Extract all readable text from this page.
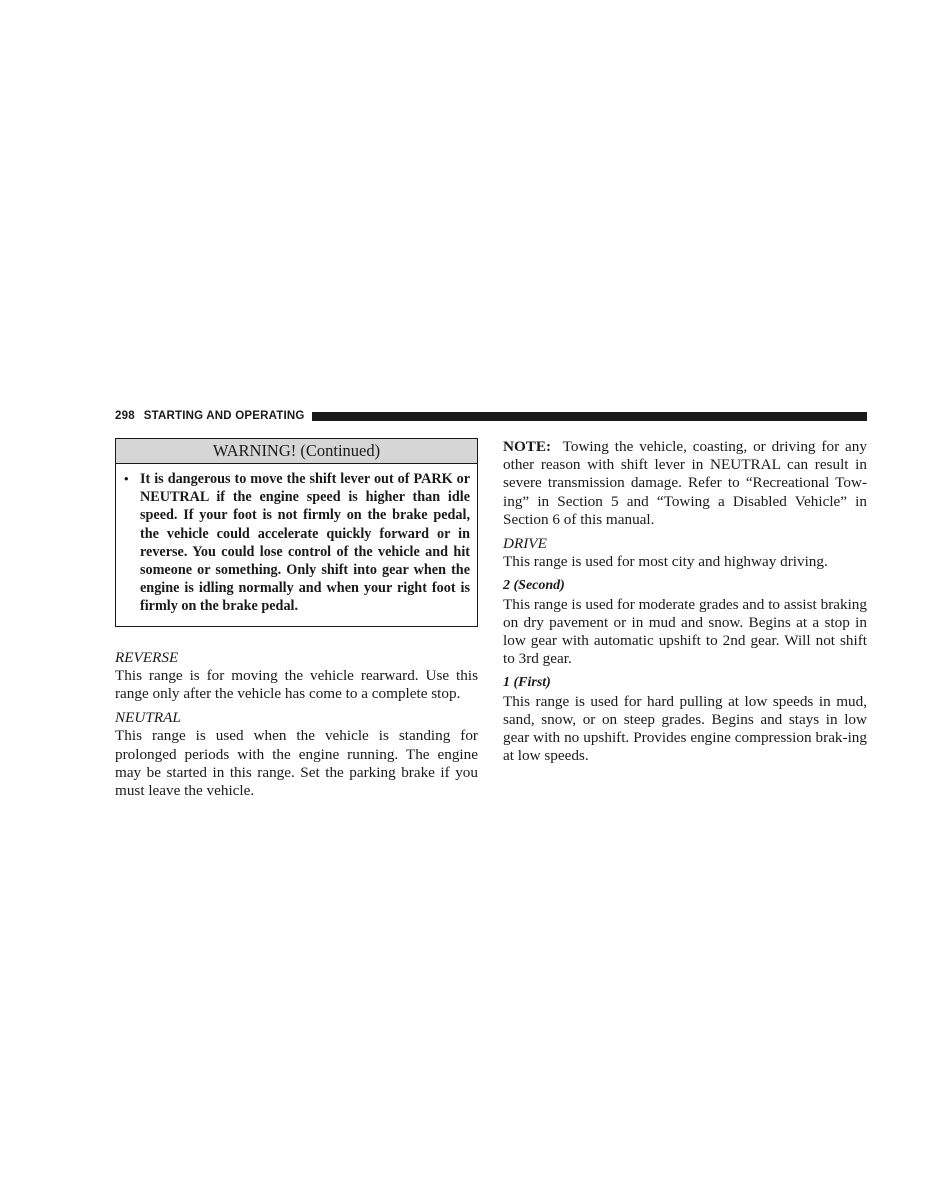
298 STARTING AND OPERATING
WARNING! (Continued)
• It is dangerous to move the shift lever out of PARK or NEUTRAL if the engine speed is higher than idle speed. If your foot is not firmly on the brake pedal, the vehicle could accelerate quickly forward or in reverse. You could lose control of the vehicle and hit someone or something. Only shift into gear when the engine is idling normally and when your right foot is firmly on the brake pedal.
REVERSE

This range is for moving the vehicle rearward. Use this range only after the vehicle has come to a complete stop.

NEUTRAL

This range is used when the vehicle is standing for prolonged periods with the engine running. The engine may be started in this range. Set the parking brake if you must leave the vehicle.

NOTE: Towing the vehicle, coasting, or driving for any other reason with shift lever in NEUTRAL can result in severe transmission damage. Refer to “Recreational Tow-ing” in Section 5 and “Towing a Disabled Vehicle” in Section 6 of this manual.

DRIVE

This range is used for most city and highway driving.

2 (Second)

This range is used for moderate grades and to assist braking on dry pavement or in mud and snow. Begins at a stop in low gear with automatic upshift to 2nd gear. Will not shift to 3rd gear.

1 (First)

This range is used for hard pulling at low speeds in mud, sand, snow, or on steep grades. Begins and stays in low gear with no upshift. Provides engine compression brak-ing at low speeds.
